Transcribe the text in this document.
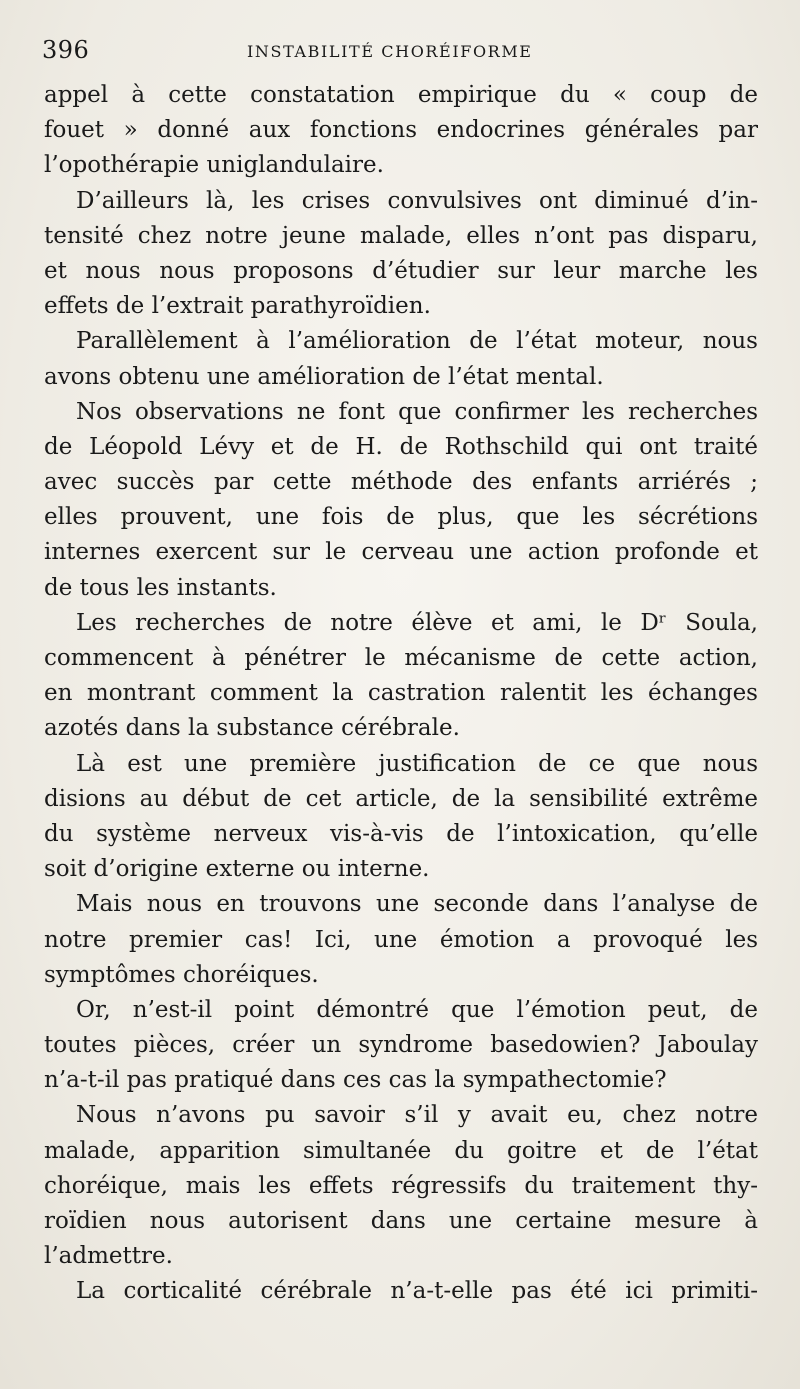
396	INSTABILITÉ CHORÉIFORME
appel à cette constatation empirique du « coup de
fouet » donné aux fonctions endocrines générales par
l’opothérapie uniglandulaire.
D’ailleurs là, les crises convulsives ont diminué d’in-
tensité chez notre jeune malade, elles n’ont pas disparu,
et nous nous proposons d’étudier sur leur marche les
effets de l’extrait parathyroïdien.
Parallèlement à l’amélioration de l’état moteur, nous
avons obtenu une amélioration de l’état mental.
Nos observations ne font que confirmer les recherches
de Léopold Lévy et de H. de Rothschild qui ont traité
avec succès par cette méthode des enfants arriérés ;
elles prouvent, une fois de plus, que les sécrétions
internes exercent sur le cerveau une action profonde et
de tous les instants.
Les recherches de notre élève et ami, le Dʳ Soula,
commencent à pénétrer le mécanisme de cette action,
en montrant comment la castration ralentit les échanges
azotés dans la substance cérébrale.
Là est une première justification de ce que nous
disions au début de cet article, de la sensibilité extrême
du système nerveux vis-à-vis de l’intoxication, qu’elle
soit d’origine externe ou interne.
Mais nous en trouvons une seconde dans l’analyse de
notre premier cas! Ici, une émotion a provoqué les
symptômes choréiques.
Or, n’est-il point démontré que l’émotion peut, de
toutes pièces, créer un syndrome basedowien? Jaboulay
n’a-t-il pas pratiqué dans ces cas la sympathectomie?
Nous n’avons pu savoir s’il y avait eu, chez notre
malade, apparition simultanée du goitre et de l’état
choréique, mais les effets régressifs du traitement thy-
roïdien nous autorisent dans une certaine mesure à
l’admettre.
La corticalité cérébrale n’a-t-elle pas été ici primiti-
